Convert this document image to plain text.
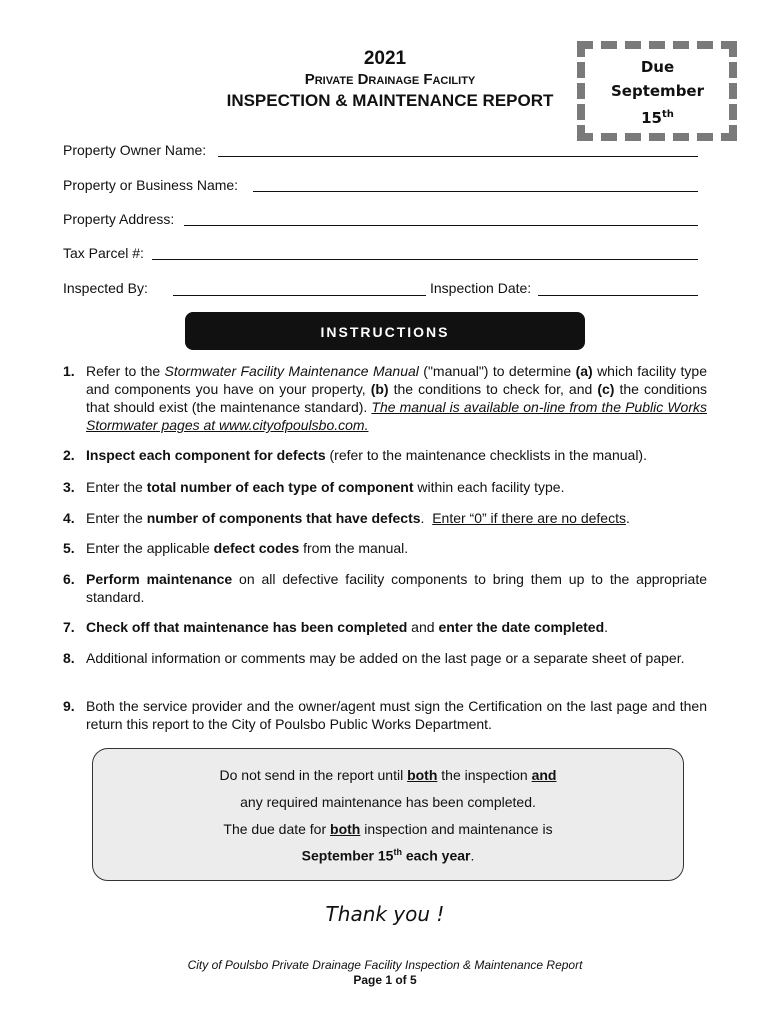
2021
Private Drainage Facility
INSPECTION & MAINTENANCE REPORT
Due
September
15th
Property Owner Name:
Property or Business Name:
Property Address:
Tax Parcel #:
Inspected By:	Inspection Date:
INSTRUCTIONS
1. Refer to the Stormwater Facility Maintenance Manual ("manual") to determine (a) which facility type and components you have on your property, (b) the conditions to check for, and (c) the conditions that should exist (the maintenance standard). The manual is available on-line from the Public Works Stormwater pages at www.cityofpoulsbo.com.
2. Inspect each component for defects (refer to the maintenance checklists in the manual).
3. Enter the total number of each type of component within each facility type.
4. Enter the number of components that have defects.  Enter “0” if there are no defects.
5. Enter the applicable defect codes from the manual.
6. Perform maintenance on all defective facility components to bring them up to the appropriate standard.
7. Check off that maintenance has been completed and enter the date completed.
8. Additional information or comments may be added on the last page or a separate sheet of paper.
9. Both the service provider and the owner/agent must sign the Certification on the last page and then return this report to the City of Poulsbo Public Works Department.
Do not send in the report until both the inspection and
any required maintenance has been completed.
The due date for both inspection and maintenance is
September 15th each year.
Thank you !
City of Poulsbo Private Drainage Facility Inspection & Maintenance Report
Page 1 of 5
